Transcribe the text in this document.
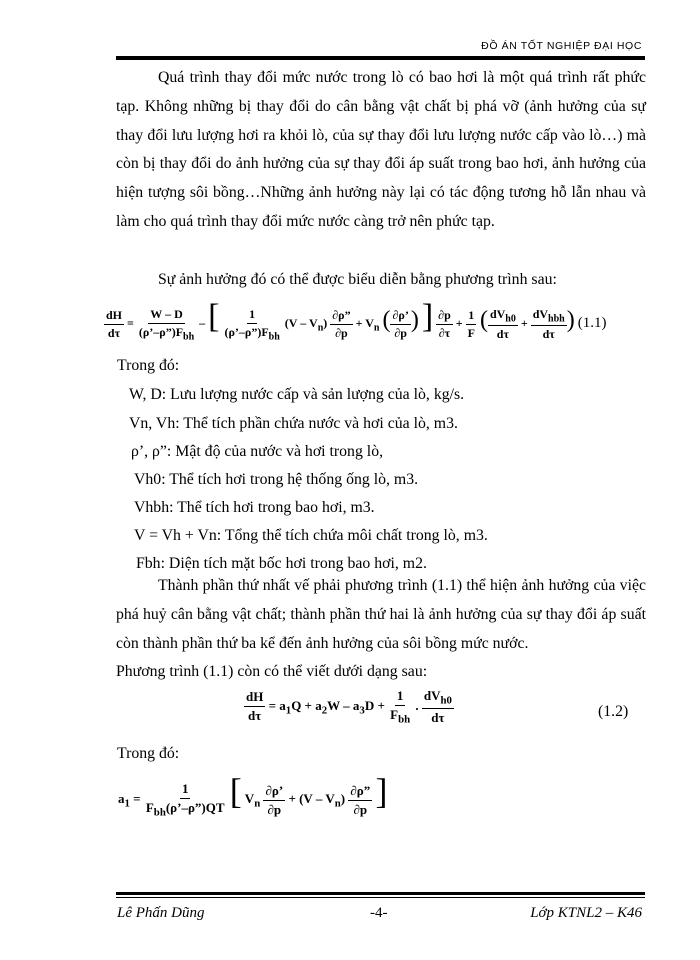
ĐỒ ÁN TỐT NGHIỆP ĐẠI HỌC

Quá trình thay đổi mức nước trong lò có bao hơi là một quá trình rất phức tạp. Không những bị thay đổi do cân bằng vật chất bị phá vỡ (ảnh hưởng của sự thay đổi lưu lượng hơi ra khỏi lò, của sự thay đổi lưu lượng nước cấp vào lò…) mà còn bị thay đổi do ảnh hưởng của sự thay đổi áp suất trong bao hơi, ảnh hưởng của hiện tượng sôi bồng…Những ảnh hưởng này lại có tác động tương hỗ lẫn nhau và làm cho quá trình thay đổi mức nước càng trở nên phức tạp.

Sự ảnh hưởng đó có thể được biểu diễn bằng phương trình sau:

$\frac{dH}{d\tau} = \frac{W - D}{(\rho’-\rho”)F_{bh}}$ – [ $\frac{1}{(\rho’-\rho”)F_{bh}} (V - V_n) \frac{\partial\rho”}{\partial p} + V_n$ ( $\frac{\partial\rho’}{\partial p}$ ) ] $\frac{\partial p}{\partial\tau} + \frac{1}{F}$ ( $\frac{dV_{h0}}{d\tau} + \frac{dV_{hbh}}{d\tau}$ ) (1.1)
Trong đó:
W, D: Lưu lượng nước cấp và sản lượng của lò, kg/s.
Vn, Vh: Thể tích phần chứa nước và hơi của lò, m3.
ρ’, ρ”: Mật độ của nước và hơi trong lò,
Vh0: Thể tích hơi trong hệ thống ống lò, m3.
Vhbh: Thể tích hơi trong bao hơi, m3.
V = Vh + Vn: Tổng thể tích chứa môi chất trong lò, m3.
Fbh: Diện tích mặt bốc hơi trong bao hơi, m2.

Thành phần thứ nhất vế phải phương trình (1.1) thể hiện ảnh hưởng của việc phá huỷ cân bằng vật chất; thành phần thứ hai là ảnh hưởng của sự thay đổi áp suất còn thành phần thứ ba kể đến ảnh hưởng của sôi bồng mức nước.

Phương trình (1.1) còn có thể viết dưới dạng sau:

$\frac{dH}{d\tau} = a_1Q + a_2W - a_3D + \frac{1}{F_{bh}}$ . $\frac{dV_{h0}}{d\tau}$	(1.2)
Trong đó:
$a_1 = \frac{1}{F_{bh}(\rho’-\rho”)QT}$ [ $V_n \frac{\partial\rho’}{\partial p} + (V - V_n) \frac{\partial\rho”}{\partial p}$ ]
Lê Phấn Dũng	-4-	Lớp KTNL2 – K46
